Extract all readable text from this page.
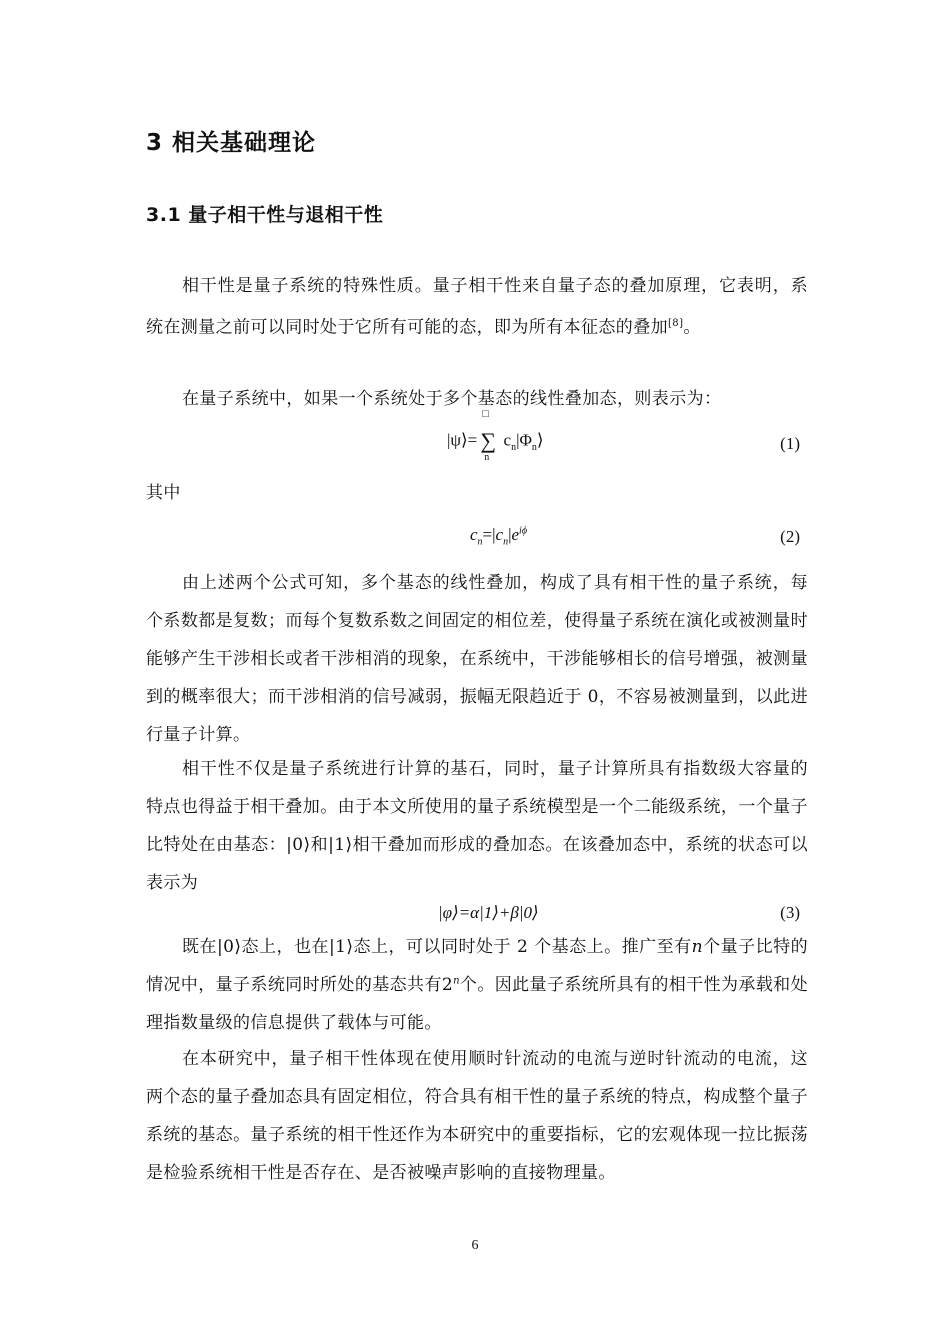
3 相关基础理论
3.1 量子相干性与退相干性

相干性是量子系统的特殊性质。量子相干性来自量子态的叠加原理，它表明，系统在测量之前可以同时处于它所有可能的态，即为所有本征态的叠加[8]。

在量子系统中，如果一个系统处于多个基态的线性叠加态，则表示为：
|ψ⟩=
□
∑
n
$c_n|\Phi_n⟩$	(1)
其中
$c_n=|c_n|e^{i\phi}$	(2)

由上述两个公式可知，多个基态的线性叠加，构成了具有相干性的量子系统，每个系数都是复数；而每个复数系数之间固定的相位差，使得量子系统在演化或被测量时能够产生干涉相长或者干涉相消的现象，在系统中，干涉能够相长的信号增强，被测量到的概率很大；而干涉相消的信号减弱，振幅无限趋近于 0，不容易被测量到，以此进行量子计算。

相干性不仅是量子系统进行计算的基石，同时，量子计算所具有指数级大容量的特点也得益于相干叠加。由于本文所使用的量子系统模型是一个二能级系统，一个量子比特处在由基态：|0⟩和|1⟩相干叠加而形成的叠加态。在该叠加态中，系统的状态可以表示为

|φ⟩=α|1⟩+β|0⟩	(3)

既在|0⟩态上，也在|1⟩态上，可以同时处于 2 个基态上。推广至有n个量子比特的情况中，量子系统同时所处的基态共有2$^n$个。因此量子系统所具有的相干性为承载和处理指数量级的信息提供了载体与可能。

在本研究中，量子相干性体现在使用顺时针流动的电流与逆时针流动的电流，这两个态的量子叠加态具有固定相位，符合具有相干性的量子系统的特点，构成整个量子系统的基态。量子系统的相干性还作为本研究中的重要指标，它的宏观体现一拉比振荡是检验系统相干性是否存在、是否被噪声影响的直接物理量。

6
